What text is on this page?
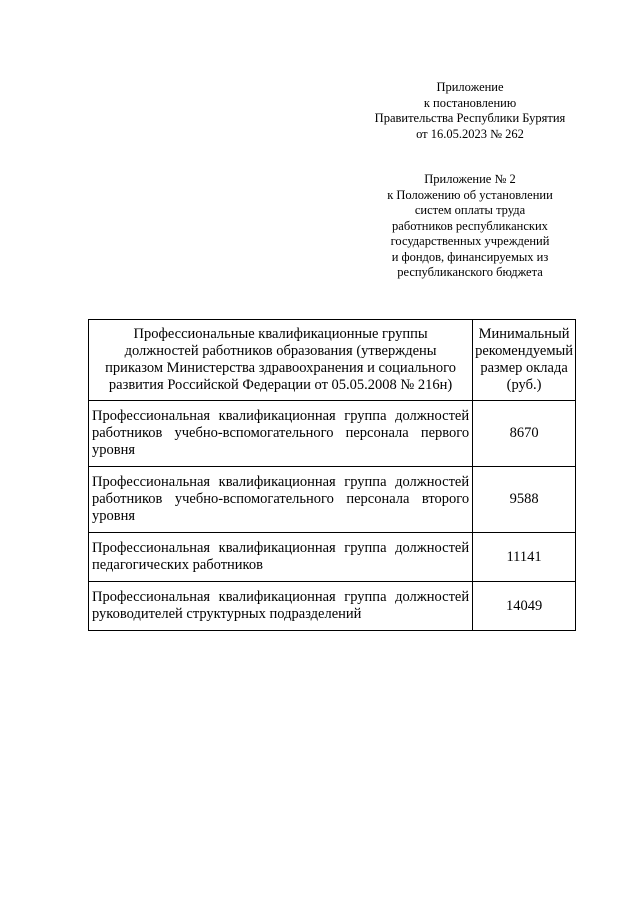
Приложение
к постановлению
Правительства Республики Бурятия
от 16.05.2023 № 262
Приложение № 2
к Положению об установлении
систем оплаты труда
работников республиканских
государственных учреждений
и фондов, финансируемых из
республиканского бюджета
Профессиональные квалификационные группы должностей работников образования (утверждены приказом Министерства здравоохранения и социального развития Российской Федерации от 05.05.2008 № 216н)	Минимальный рекомендуемый размер оклада (руб.)
Профессиональная квалификационная группа должностей работников учебно-вспомогательного персонала первого уровня	8670
Профессиональная квалификационная группа должностей работников учебно-вспомогательного персонала второго уровня	9588
Профессиональная квалификационная группа должностей педагогических работников	11141
Профессиональная квалификационная группа должностей руководителей структурных подразделений	14049
